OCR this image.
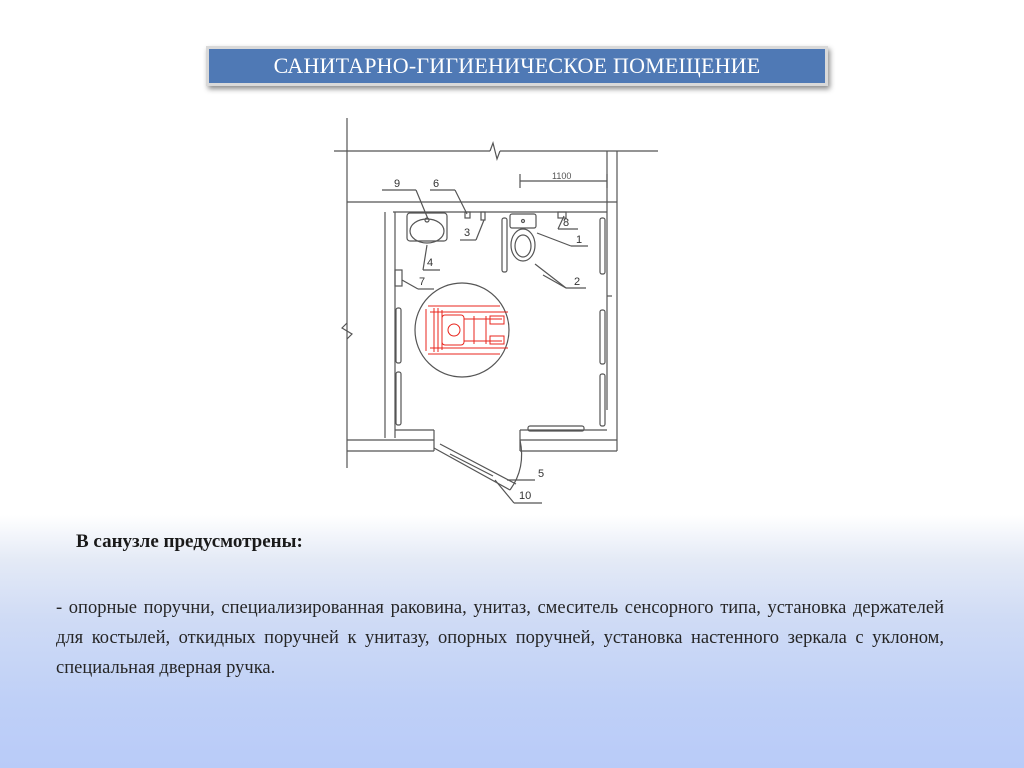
САНИТАРНО-ГИГИЕНИЧЕСКОЕ ПОМЕЩЕНИЕ
9	6
3
4
7
8
1
2
5
10
1100
В санузле предусмотрены:
- опорные поручни, специализированная раковина, унитаз, смеситель сенсорного типа, установка держателей для костылей, откидных поручней к унитазу, опорных поручней, установка настенного зеркала с уклоном, специальная дверная ручка.
